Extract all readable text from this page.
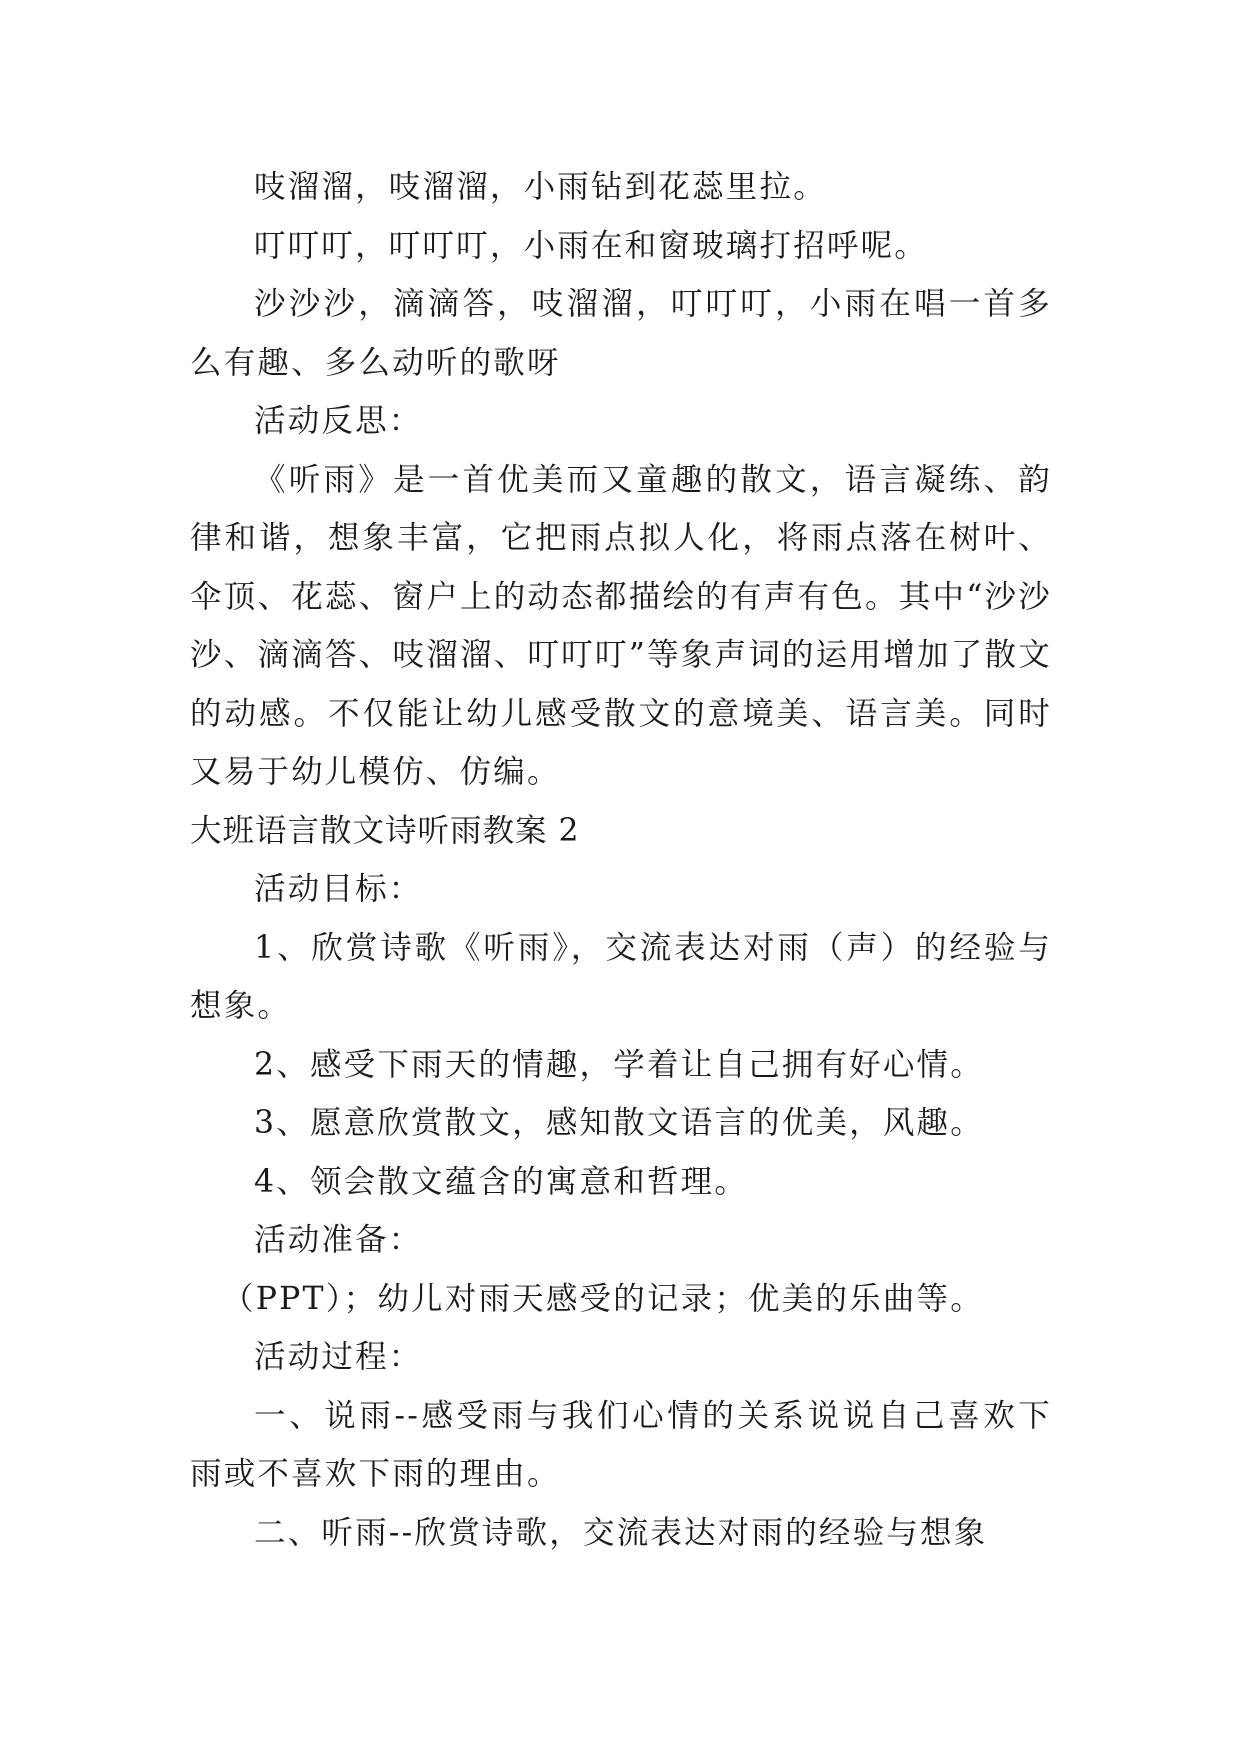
吱溜溜，吱溜溜，小雨钻到花蕊里拉。

叮叮叮，叮叮叮，小雨在和窗玻璃打招呼呢。

沙沙沙，滴滴答，吱溜溜，叮叮叮，小雨在唱一首多么有趣、多么动听的歌呀

活动反思：

《听雨》是一首优美而又童趣的散文，语言凝练、韵律和谐，想象丰富，它把雨点拟人化，将雨点落在树叶、伞顶、花蕊、窗户上的动态都描绘的有声有色。其中“沙沙沙、滴滴答、吱溜溜、叮叮叮”等象声词的运用增加了散文的动感。不仅能让幼儿感受散文的意境美、语言美。同时又易于幼儿模仿、仿编。

大班语言散文诗听雨教案 2

活动目标：

1、欣赏诗歌《听雨》，交流表达对雨（声）的经验与想象。

2、感受下雨天的情趣，学着让自己拥有好心情。

3、愿意欣赏散文，感知散文语言的优美，风趣。

4、领会散文蕴含的寓意和哲理。

活动准备：

（PPT）；幼儿对雨天感受的记录；优美的乐曲等。

活动过程：

一、说雨--感受雨与我们心情的关系说说自己喜欢下雨或不喜欢下雨的理由。

二、听雨--欣赏诗歌，交流表达对雨的经验与想象
